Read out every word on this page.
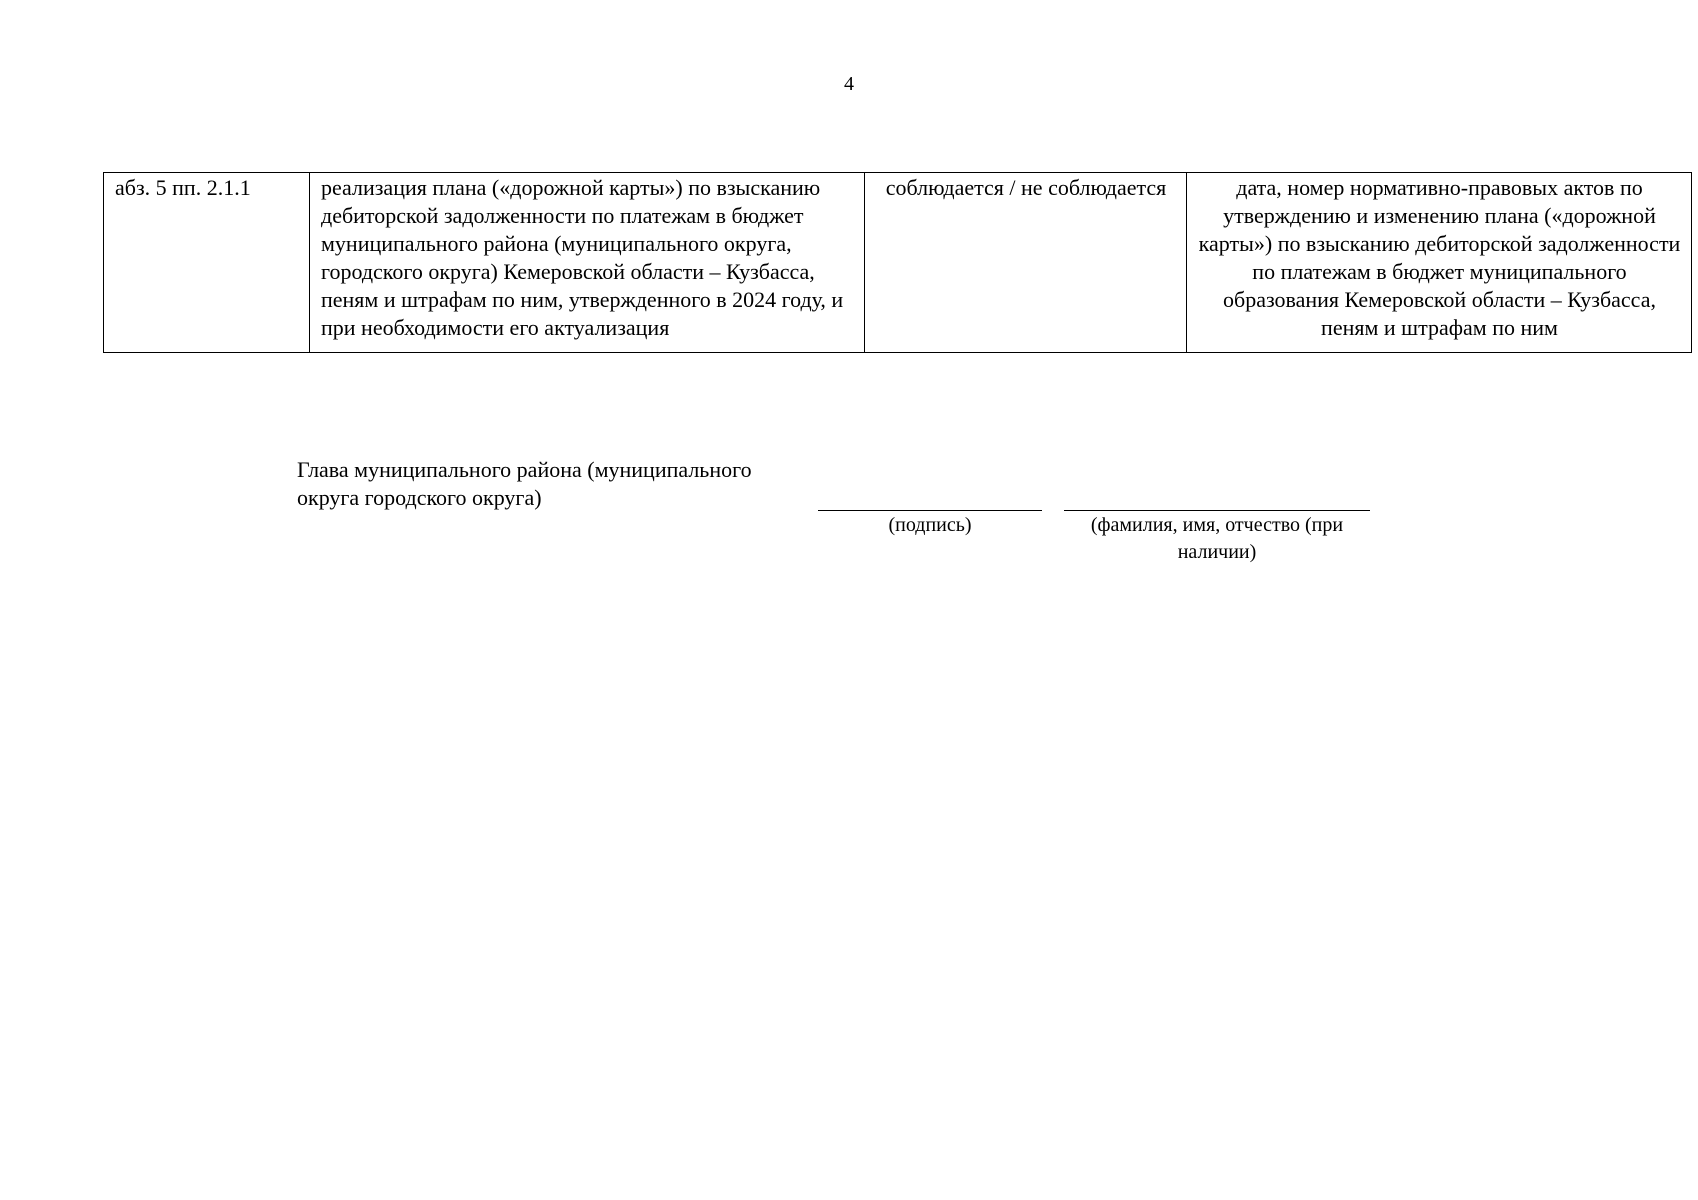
4
абз. 5 пп. 2.1.1	реализация плана («дорожной карты») по взысканию дебиторской задолженности по платежам в бюджет муниципального района (муниципального округа, городского округа) Кемеровской области – Кузбасса, пеням и штрафам по ним, утвержденного в 2024 году, и при необходимости его актуализация	соблюдается / не соблюдается	дата, номер нормативно-правовых актов по утверждению и изменению плана («дорожной карты») по взысканию дебиторской задолженности по платежам в бюджет муниципального образования Кемеровской области – Кузбасса, пеням и штрафам по ним
Глава муниципального района (муниципального округа городского округа)
(подпись)	(фамилия, имя, отчество (при наличии)
